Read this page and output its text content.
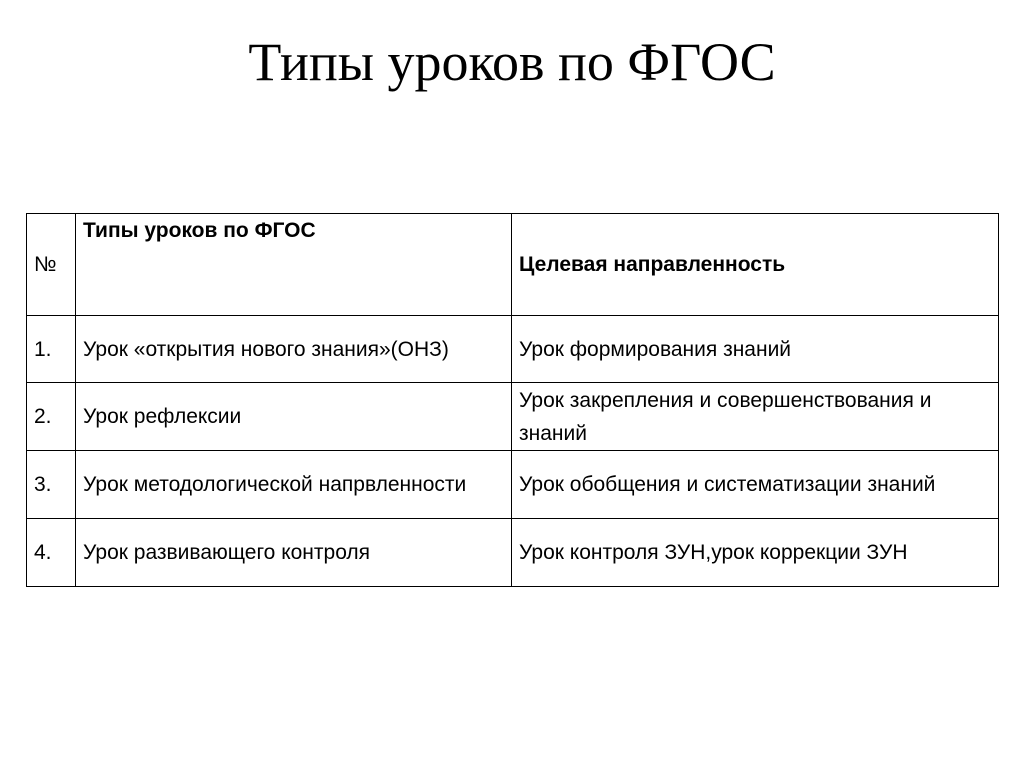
Типы уроков по ФГОС
№	Типы уроков по ФГОС	Целевая направленность
1.	Урок «открытия нового знания»(ОНЗ)	Урок формирования знаний
2.	Урок рефлексии	Урок закрепления и совершенствования и знаний
3.	Урок методологической напрвленности	Урок обобщения и систематизации знаний
4.	Урок развивающего контроля	Урок контроля ЗУН,урок коррекции ЗУН
